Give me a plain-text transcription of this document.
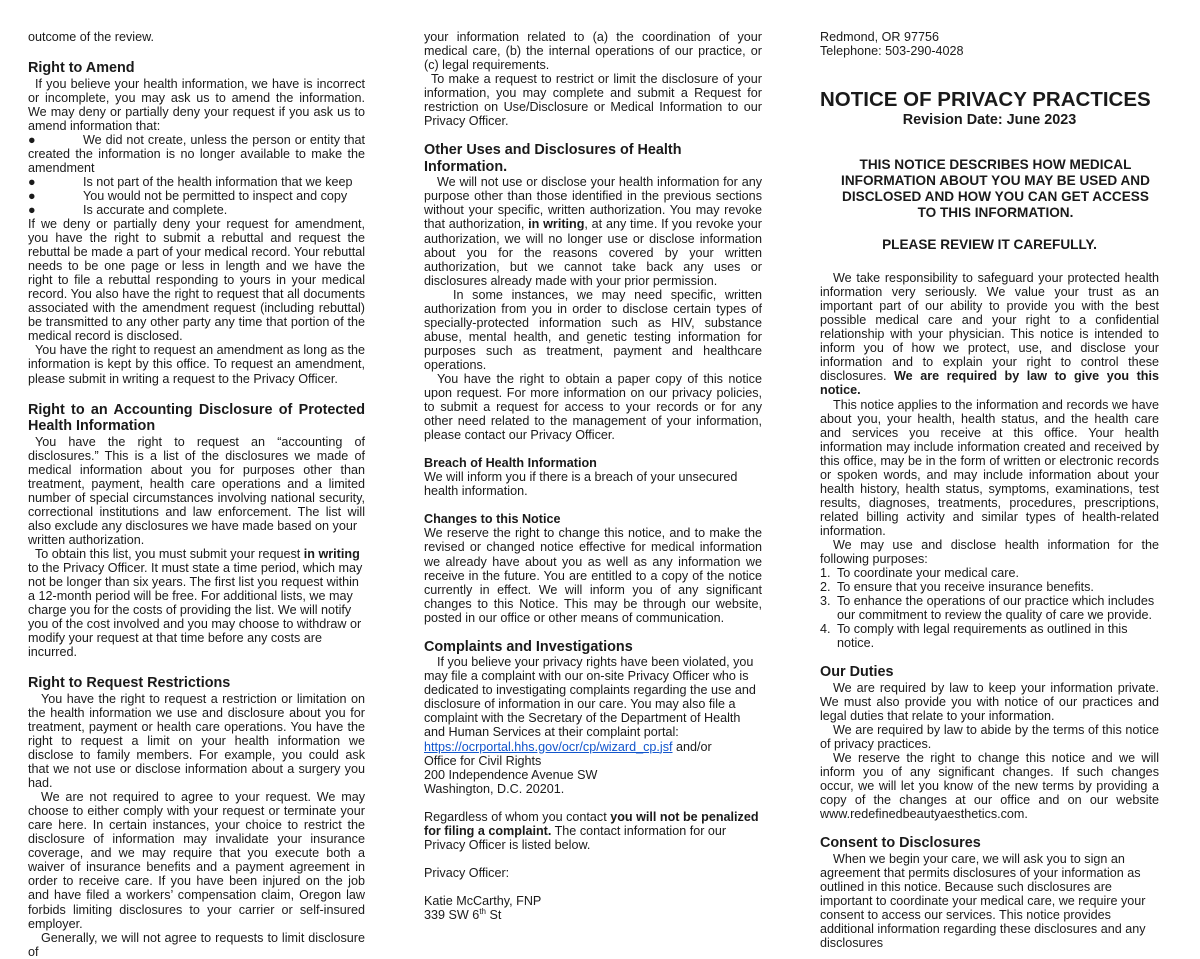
outcome of the review.

Right to Amend

If you believe your health information, we have is incorrect or incomplete, you may ask us to amend the information. We may deny or partially deny your request if you ask us to amend information that:

●	We did not create, unless the person or entity that created the information is no longer available to make the amendment
●	Is not part of the health information that we keep
●	You would not be permitted to inspect and copy
●	Is accurate and complete.

If we deny or partially deny your request for amendment, you have the right to submit a rebuttal and request the rebuttal be made a part of your medical record. Your rebuttal needs to be one page or less in length and we have the right to file a rebuttal responding to yours in your medical record. You also have the right to request that all documents associated with the amendment request (including rebuttal) be transmitted to any other party any time that portion of the medical record is disclosed.

You have the right to request an amendment as long as the information is kept by this office. To request an amendment, please submit in writing a request to the Privacy Officer.

Right to an Accounting Disclosure of Protected Health Information

You have the right to request an “accounting of disclosures.” This is a list of the disclosures we made of medical information about you for purposes other than treatment, payment, health care operations and a limited number of special circumstances involving national security, correctional institutions and law enforcement. The list will also exclude any disclosures we have made based on your

written authorization.

To obtain this list, you must submit your request in writing to the Privacy Officer. It must state a time period, which may not be longer than six years. The first list you request within a 12-month period will be free. For additional lists, we may charge you for the costs of providing the list. We will notify you of the cost involved and you may choose to withdraw or modify your request at that time before any costs are incurred.

Right to Request Restrictions

You have the right to request a restriction or limitation on the health information we use and disclosure about you for treatment, payment or health care operations. You have the right to request a limit on your health information we disclose to family members. For example, you could ask that we not use or disclose information about a surgery you had.

We are not required to agree to your request. We may choose to either comply with your request or terminate your care here. In certain instances, your choice to restrict the disclosure of information may invalidate your insurance coverage, and we may require that you execute both a waiver of insurance benefits and a payment agreement in order to receive care. If you have been injured on the job and have filed a workers’ compensation claim, Oregon law forbids limiting disclosures to your carrier or self-insured employer.

Generally, we will not agree to requests to limit disclosure of

your information related to (a) the coordination of your medical care, (b) the internal operations of our practice, or (c) legal requirements.

To make a request to restrict or limit the disclosure of your information, you may complete and submit a Request for restriction on Use/Disclosure or Medical Information to our Privacy Officer.

Other Uses and Disclosures of Health Information.

We will not use or disclose your health information for any purpose other than those identified in the previous sections without your specific, written authorization. You may revoke that authorization, in writing, at any time. If you revoke your authorization, we will no longer use or disclose information about you for the reasons covered by your written authorization, but we cannot take back any uses or disclosures already made with your prior permission.

In some instances, we may need specific, written authorization from you in order to disclose certain types of specially-protected information such as HIV, substance abuse, mental health, and genetic testing information for purposes such as treatment, payment and healthcare operations.

You have the right to obtain a paper copy of this notice upon request. For more information on our privacy policies, to submit a request for access to your records or for any other need related to the management of your information, please contact our Privacy Officer.

Breach of Health Information

We will inform you if there is a breach of your unsecured health information.

Changes to this Notice

We reserve the right to change this notice, and to make the revised or changed notice effective for medical information we already have about you as well as any information we receive in the future. You are entitled to a copy of the notice currently in effect. We will inform you of any significant changes to this Notice. This may be through our website, posted in our office or other means of communication.

Complaints and Investigations

If you believe your privacy rights have been violated, you may file a complaint with our on-site Privacy Officer who is dedicated to investigating complaints regarding the use and disclosure of information in our care. You may also file a complaint with the Secretary of the Department of Health and Human Services at their complaint portal:

https://ocrportal.hhs.gov/ocr/cp/wizard_cp.jsf and/or

Office for Civil Rights

200 Independence Avenue SW

Washington, D.C. 20201.

Regardless of whom you contact you will not be penalized for filing a complaint. The contact information for our Privacy Officer is listed below.

Privacy Officer:

Katie McCarthy, FNP

339 SW 6th St

Redmond, OR 97756

Telephone: 503-290-4028

NOTICE OF PRIVACY PRACTICES
Revision Date: June 2023
THIS NOTICE DESCRIBES HOW MEDICAL INFORMATION ABOUT YOU MAY BE USED AND DISCLOSED AND HOW YOU CAN GET ACCESS TO THIS INFORMATION.
PLEASE REVIEW IT CAREFULLY.

We take responsibility to safeguard your protected health information very seriously. We value your trust as an important part of our ability to provide you with the best possible medical care and your right to a confidential relationship with your physician. This notice is intended to inform you of how we protect, use, and disclose your information and to explain your right to control these disclosures. We are required by law to give you this notice.

This notice applies to the information and records we have about you, your health, health status, and the health care and services you receive at this office. Your health information may include information created and received by this office, may be in the form of written or electronic records or spoken words, and may include information about your health history, health status, symptoms, examinations, test results, diagnoses, treatments, procedures, prescriptions, related billing activity and similar types of health-related information.

We may use and disclose health information for the following purposes:

1. To coordinate your medical care.
2. To ensure that you receive insurance benefits.
3. To enhance the operations of our practice which includes our commitment to review the quality of care we provide.
4. To comply with legal requirements as outlined in this notice.
Our Duties

We are required by law to keep your information private. We must also provide you with notice of our practices and legal duties that relate to your information.

We are required by law to abide by the terms of this notice of privacy practices.

We reserve the right to change this notice and we will inform you of any significant changes. If such changes occur, we will let you know of the new terms by providing a copy of the changes at our office and on our website www.redefinedbeautyaesthetics.com.

Consent to Disclosures

When we begin your care, we will ask you to sign an agreement that permits disclosures of your information as outlined in this notice. Because such disclosures are important to coordinate your medical care, we require your consent to access our services. This notice provides additional information regarding these disclosures and any disclosures
